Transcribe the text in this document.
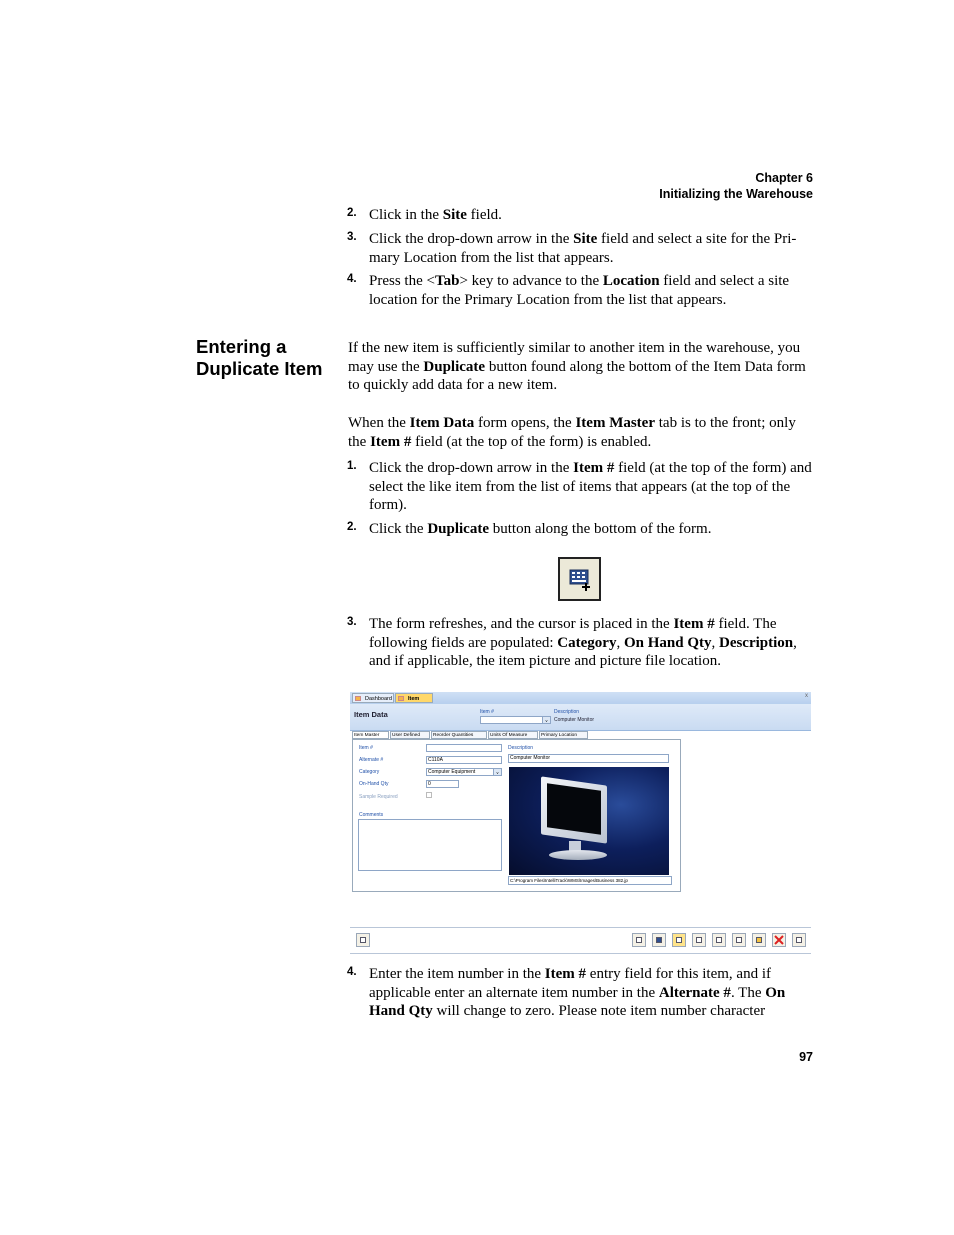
Chapter 6
Initializing the Warehouse
2. Click in the Site field.
3. Click the drop-down arrow in the Site field and select a site for the Pri-mary Location from the list that appears.
4. Press the <Tab> key to advance to the Location field and select a site location for the Primary Location from the list that appears.
Entering a
Duplicate Item
If the new item is sufficiently similar to another item in the warehouse, you may use the Duplicate button found along the bottom of the Item Data form to quickly add data for a new item.
When the Item Data form opens, the Item Master tab is to the front; only the Item # field (at the top of the form) is enabled.
1. Click the drop-down arrow in the Item # field (at the top of the form) and select the like item from the list of items that appears (at the top of the form).
2. Click the Duplicate button along the bottom of the form.
3. The form refreshes, and the cursor is placed in the Item # field. The following fields are populated: Category, On Hand Qty, Description, and if applicable, the item picture and picture file location.
Dashboard	Item	x
Item Data	Item #
v
Description
Computer Monitor
Item Master	User Defined	Reorder Quantities	Units Of Measure	Primary Location
Item #
Alternate #	C110A
Category	Computer Equipment	v
On-Hand Qty	0
Sample Required
Comments
Description
Computer Monitor
C:\Program Files\IntelliTrack\WMS\Images\Business 382.jp
4. Enter the item number in the Item # entry field for this item, and if applicable enter an alternate item number in the Alternate #. The On Hand Qty will change to zero. Please note item number character
97
